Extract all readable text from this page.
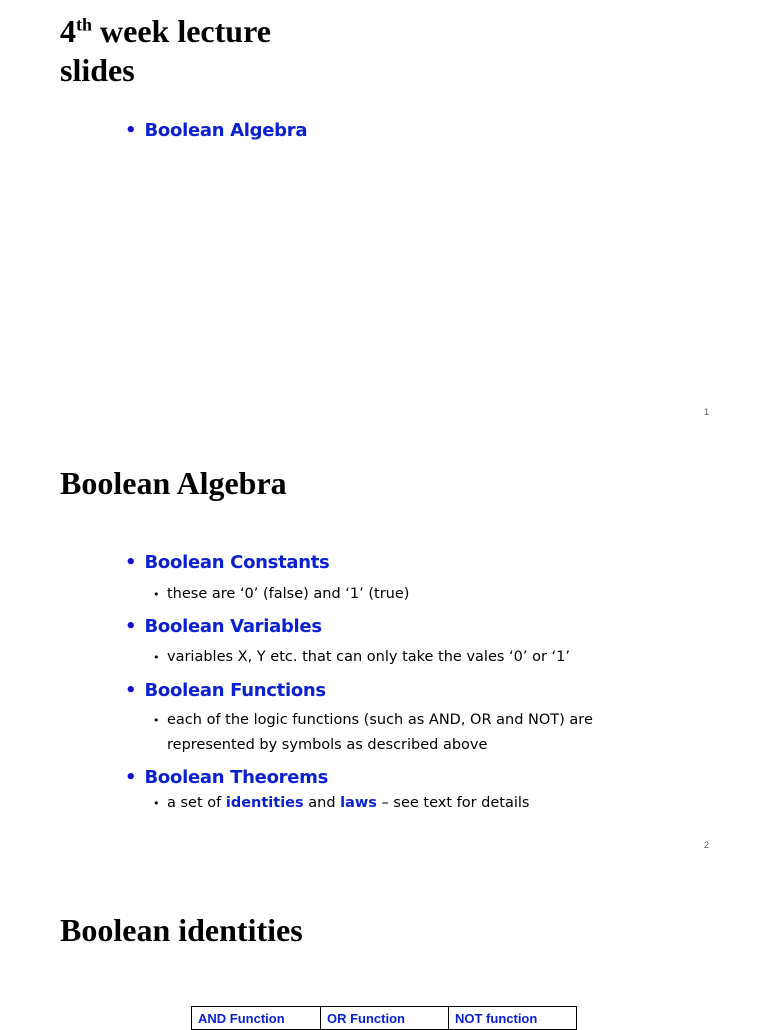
4th week lecture
slides
• Boolean Algebra
1
Boolean Algebra
• Boolean Constants
• these are ‘0’ (false) and ‘1’ (true)
• Boolean Variables
• variables X, Y etc. that can only take the vales ‘0’ or ‘1’
• Boolean Functions
• each of the logic functions (such as AND, OR and NOT) are represented by symbols as described above
• Boolean Theorems
• a set of identities and laws – see text for details
2
Boolean identities
AND Function	OR Function	NOT function
